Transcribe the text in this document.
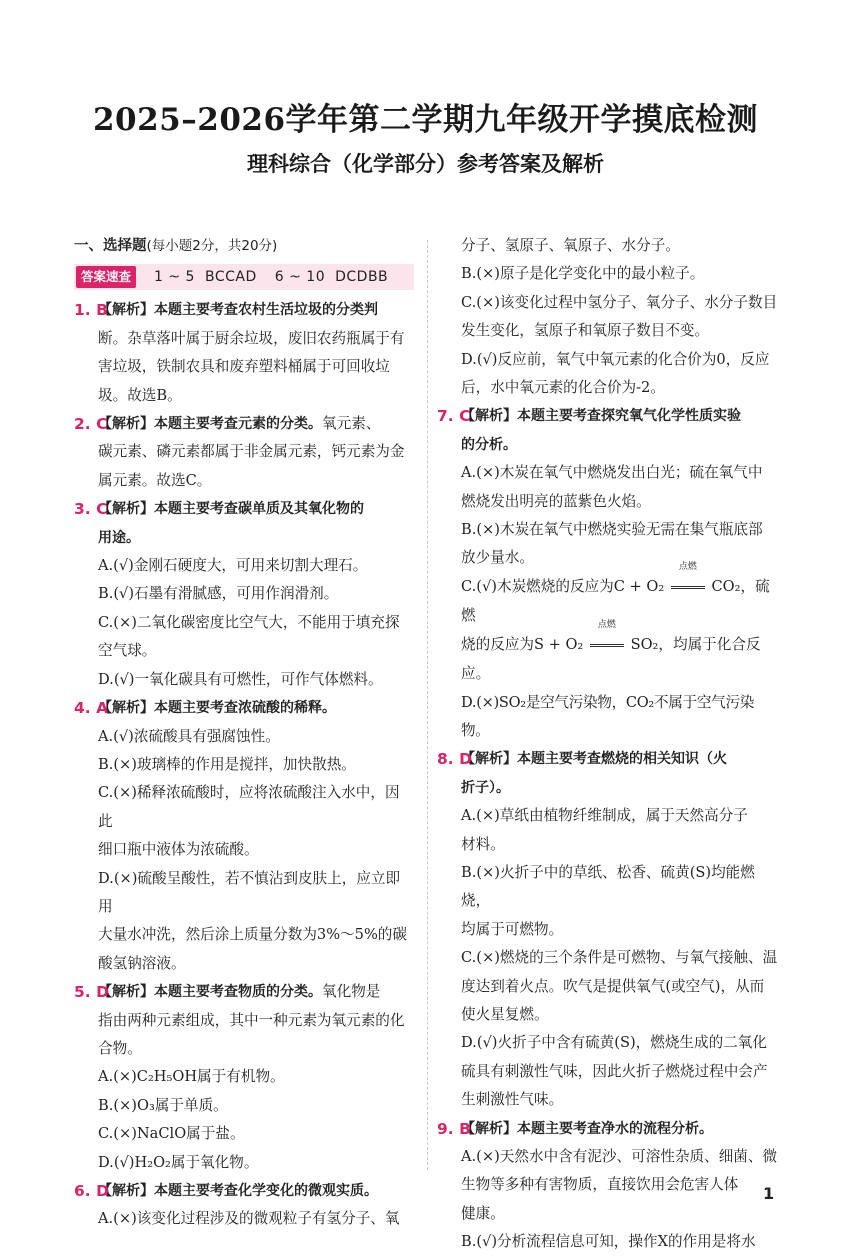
2025–2026学年第二学期九年级开学摸底检测
理科综合（化学部分）参考答案及解析
一、选择题(每小题2分，共20分)
答案速查	1 ~ 5 BCCAD 6 ~ 10 DCDBB
1. B
【解析】本题主要考查农村生活垃圾的分类判
断。杂草落叶属于厨余垃圾，废旧农药瓶属于有
害垃圾，铁制农具和废弃塑料桶属于可回收垃
圾。故选B。
2. C
【解析】本题主要考查元素的分类。氧元素、
碳元素、磷元素都属于非金属元素，钙元素为金
属元素。故选C。
3. C
【解析】本题主要考查碳单质及其氧化物的
用途。
A.(√)金刚石硬度大，可用来切割大理石。
B.(√)石墨有滑腻感，可用作润滑剂。
C.(×)二氧化碳密度比空气大，不能用于填充探
空气球。
D.(√)一氧化碳具有可燃性，可作气体燃料。
4. A
【解析】本题主要考查浓硫酸的稀释。
A.(√)浓硫酸具有强腐蚀性。
B.(×)玻璃棒的作用是搅拌，加快散热。
C.(×)稀释浓硫酸时，应将浓硫酸注入水中，因此
细口瓶中液体为浓硫酸。
D.(×)硫酸呈酸性，若不慎沾到皮肤上，应立即用
大量水冲洗，然后涂上质量分数为3%～5%的碳
酸氢钠溶液。
5. D
【解析】本题主要考查物质的分类。氧化物是
指由两种元素组成，其中一种元素为氧元素的化
合物。
A.(×)C₂H₅OH属于有机物。
B.(×)O₃属于单质。
C.(×)NaClO属于盐。
D.(√)H₂O₂属于氧化物。
6. D
【解析】本题主要考查化学变化的微观实质。
A.(×)该变化过程涉及的微观粒子有氢分子、氧
分子、氢原子、氧原子、水分子。
B.(×)原子是化学变化中的最小粒子。
C.(×)该变化过程中氢分子、氧分子、水分子数目
发生变化，氢原子和氧原子数目不变。
D.(√)反应前，氧气中氧元素的化合价为0，反应
后，水中氧元素的化合价为-2。
7. C
【解析】本题主要考查探究氧气化学性质实验
的分析。
A.(×)木炭在氧气中燃烧发出白光；硫在氧气中
燃烧发出明亮的蓝紫色火焰。
B.(×)木炭在氧气中燃烧实验无需在集气瓶底部
放少量水。
C.(√)木炭燃烧的反应为C + O₂
点燃
CO₂，硫燃
烧的反应为S + O₂
点燃
SO₂，均属于化合反应。
D.(×)SO₂是空气污染物，CO₂不属于空气污染物。
8. D
【解析】本题主要考查燃烧的相关知识（火
折子）。
A.(×)草纸由植物纤维制成，属于天然高分子
材料。
B.(×)火折子中的草纸、松香、硫黄(S)均能燃烧，
均属于可燃物。
C.(×)燃烧的三个条件是可燃物、与氧气接触、温
度达到着火点。吹气是提供氧气(或空气)，从而
使火星复燃。
D.(√)火折子中含有硫黄(S)，燃烧生成的二氧化
硫具有刺激性气味，因此火折子燃烧过程中会产
生刺激性气味。
9. B
【解析】本题主要考查净水的流程分析。
A.(×)天然水中含有泥沙、可溶性杂质、细菌、微
生物等多种有害物质，直接饮用会危害人体
健康。
B.(√)分析流程信息可知，操作X的作用是将水
1
